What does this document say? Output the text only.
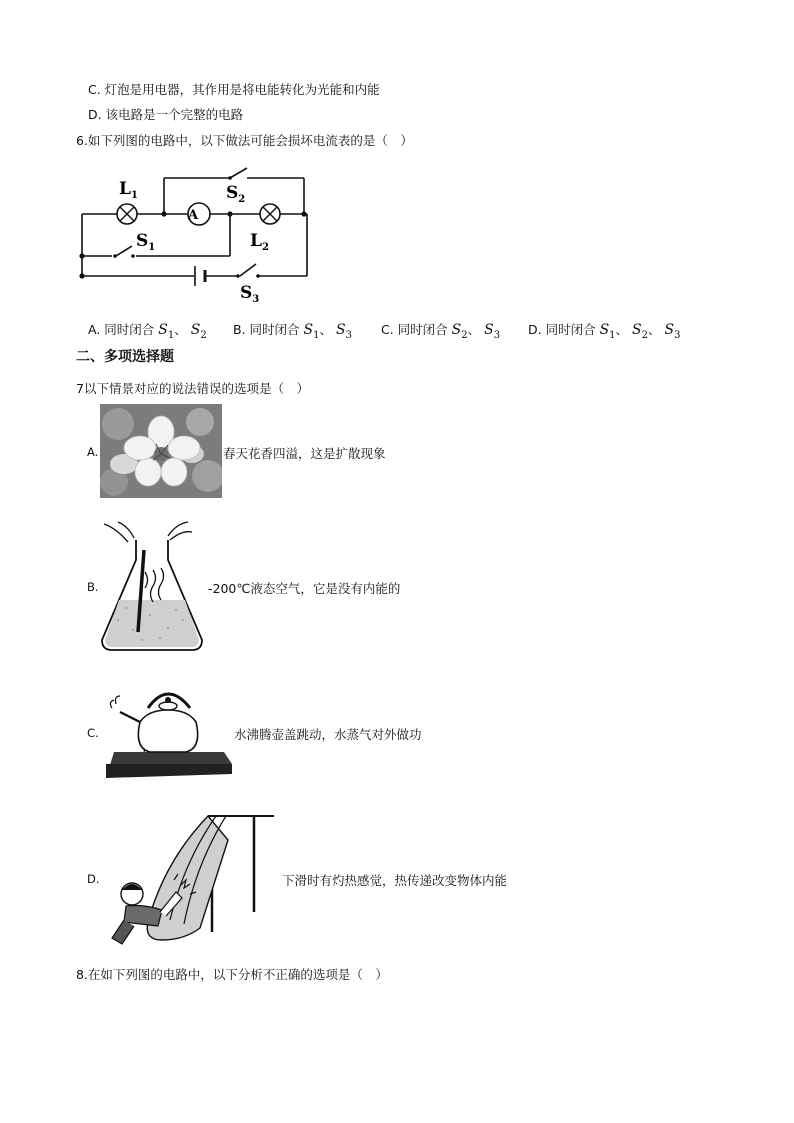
C. 灯泡是用电器，其作用是将电能转化为光能和内能
D. 该电路是一个完整的电路
6.如下列图的电路中，以下做法可能会损坏电流表的是（　）
$L_1$
A
$S_2$
$S_1$	$L_2$
$S_3$
A. 同时闭合 $S_1$、 $S_2$ B. 同时闭合 $S_1$、 $S_3$ C. 同时闭合 $S_2$、 $S_3$ D. 同时闭合 $S_1$、 $S_2$、 $S_3$
二、多项选择题
7以下情景对应的说法错误的选项是（　）
A.	春天花香四溢，这是扩散现象
B.	-200℃液态空气，它是没有内能的
C.	水沸腾壶盖跳动，水蒸气对外做功
D.	下滑时有灼热感觉，热传递改变物体内能
8.在如下列图的电路中，以下分析不正确的选项是（　）
